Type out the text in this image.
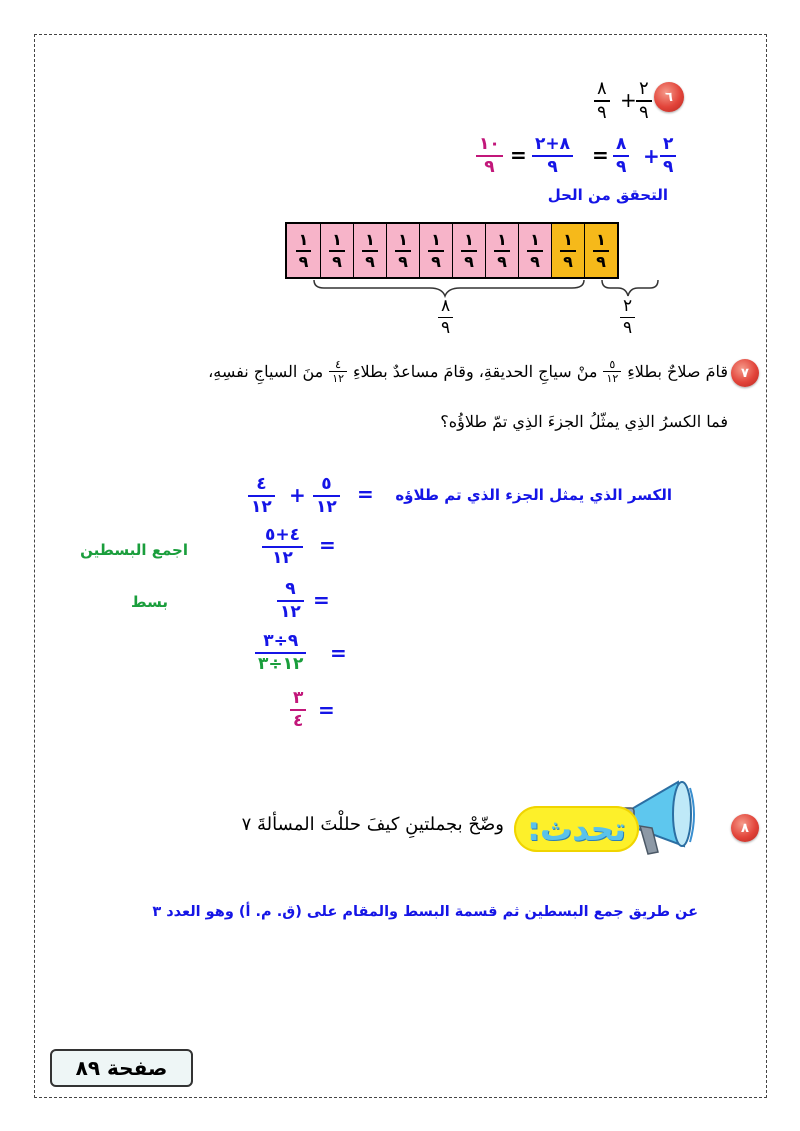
٦
٨
٩
+ ٢
٩
١٠
٩ = ٨+٢
٩ = ٨
٩ + ٢
٩
التحقق من الحل
$\frac{١}{٩} \frac{١}{٩} \frac{١}{٩} \frac{١}{٩} \frac{١}{٩} \frac{١}{٩} \frac{١}{٩} \frac{١}{٩} \frac{١}{٩} \frac{١}{٩}$
٨
٩
٢
٩
٧
قامَ صلاحٌ بطلاءِ
$\frac{٥}{١٢}$
منْ سياجِ الحديقةِ، وقامَ مساعدٌ بطلاءِ
$\frac{٤}{١٢}$
منَ السياجِ نفسِهِ،
فما الكسرُ الذِي يمثّلُ الجزءَ الذِي تمّ طلاؤُه؟
الكسر الذي يمثل الجزء الذي تم طلاؤه
=
٥
١٢
+
٤
١٢
=
٤+٥
١٢
اجمع البسطين
=
٩
١٢
بسط
=
٩÷٣
١٢÷٣
=
٣
٤
٨
تحدث:
وضّحْ بجملتينِ كيفَ حللْتَ المسألةَ ٧
عن طريق جمع البسطين ثم قسمة البسط والمقام على (ق. م. أ) وهو العدد ٣
صفحة ٨٩
